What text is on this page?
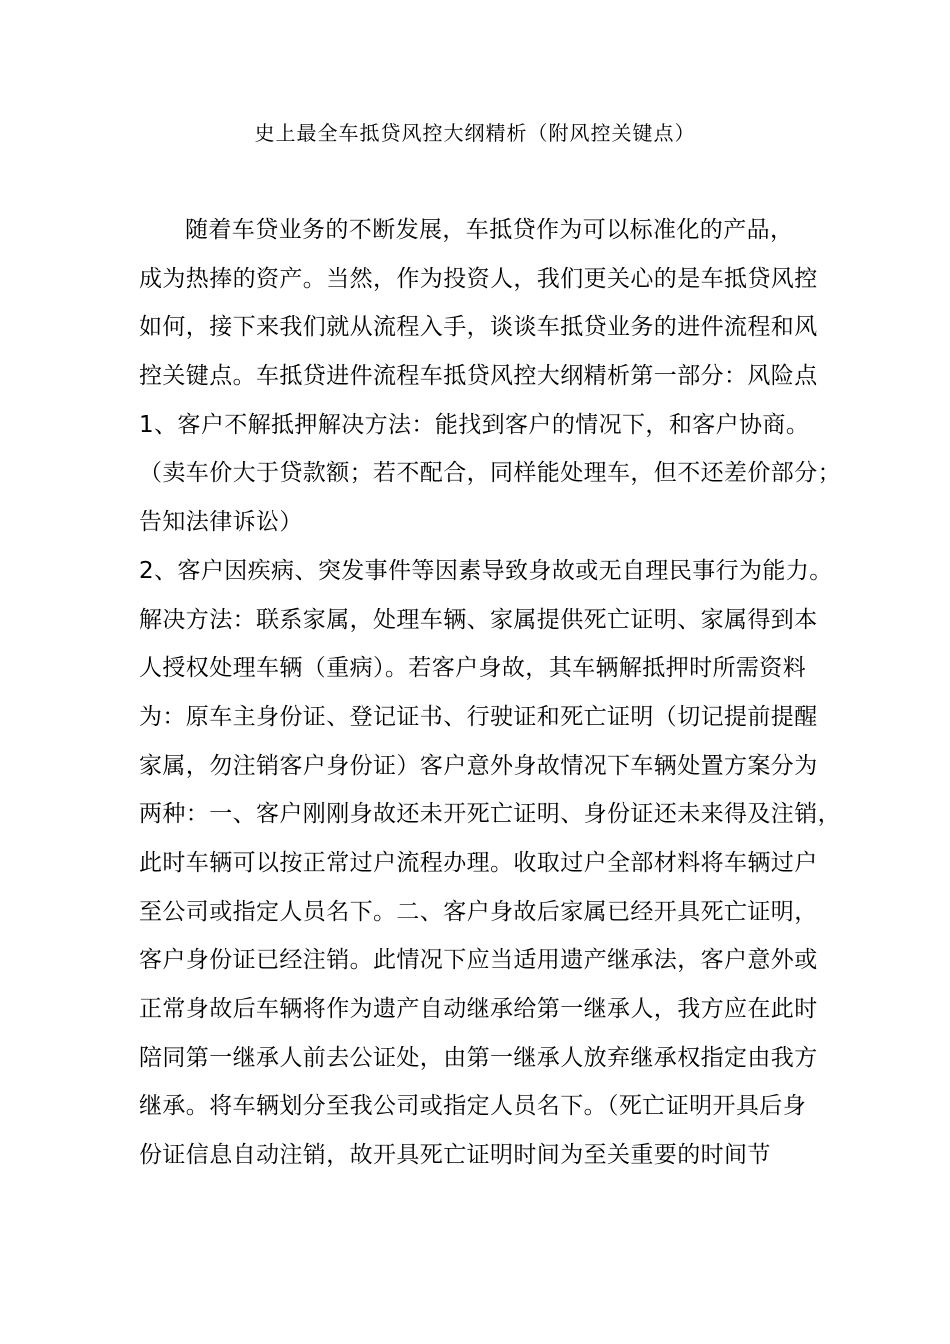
史上最全车抵贷风控大纲精析（附风控关键点）
随着车贷业务的不断发展，车抵贷作为可以标准化的产品，
成为热捧的资产。当然，作为投资人，我们更关心的是车抵贷风控
如何，接下来我们就从流程入手，谈谈车抵贷业务的进件流程和风
控关键点。车抵贷进件流程车抵贷风控大纲精析第一部分：风险点
1、客户不解抵押解决方法：能找到客户的情况下，和客户协商。
（卖车价大于贷款额；若不配合，同样能处理车，但不还差价部分；
告知法律诉讼）
2、客户因疾病、突发事件等因素导致身故或无自理民事行为能力。
解决方法：联系家属，处理车辆、家属提供死亡证明、家属得到本
人授权处理车辆（重病）。若客户身故，其车辆解抵押时所需资料
为：原车主身份证、登记证书、行驶证和死亡证明（切记提前提醒
家属，勿注销客户身份证）客户意外身故情况下车辆处置方案分为
两种：一、客户刚刚身故还未开死亡证明、身份证还未来得及注销，
此时车辆可以按正常过户流程办理。收取过户全部材料将车辆过户
至公司或指定人员名下。二、客户身故后家属已经开具死亡证明，
客户身份证已经注销。此情况下应当适用遗产继承法，客户意外或
正常身故后车辆将作为遗产自动继承给第一继承人，我方应在此时
陪同第一继承人前去公证处，由第一继承人放弃继承权指定由我方
继承。将车辆划分至我公司或指定人员名下。（死亡证明开具后身
份证信息自动注销，故开具死亡证明时间为至关重要的时间节
